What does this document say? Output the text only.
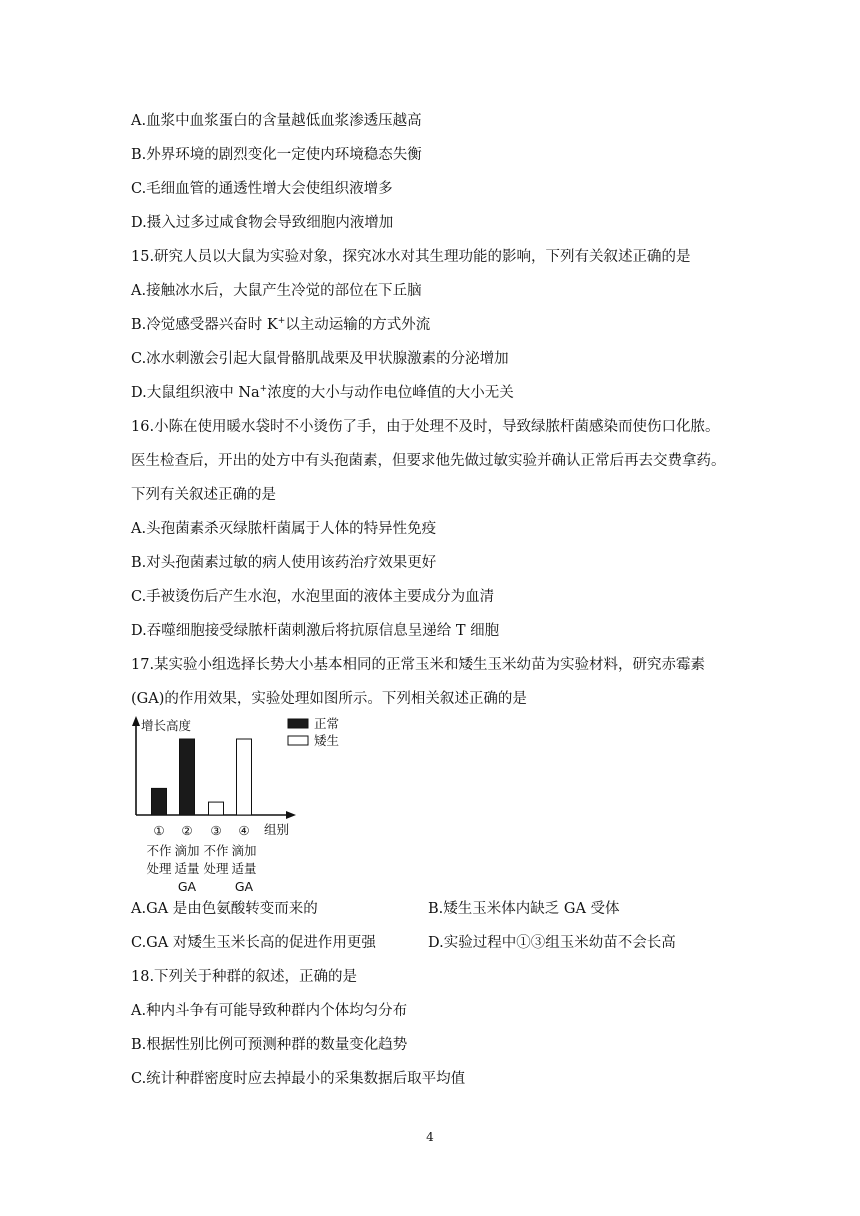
A.血浆中血浆蛋白的含量越低血浆渗透压越高
B.外界环境的剧烈变化一定使内环境稳态失衡
C.毛细血管的通透性增大会使组织液增多
D.摄入过多过咸食物会导致细胞内液增加
15.研究人员以大鼠为实验对象，探究冰水对其生理功能的影响，下列有关叙述正确的是
A.接触冰水后，大鼠产生冷觉的部位在下丘脑
B.冷觉感受器兴奋时 K+以主动运输的方式外流
C.冰水刺激会引起大鼠骨骼肌战栗及甲状腺激素的分泌增加
D.大鼠组织液中 Na+浓度的大小与动作电位峰值的大小无关
16.小陈在使用暖水袋时不小烫伤了手，由于处理不及时，导致绿脓杆菌感染而使伤口化脓。
医生检查后，开出的处方中有头孢菌素，但要求他先做过敏实验并确认正常后再去交费拿药。
下列有关叙述正确的是
A.头孢菌素杀灭绿脓杆菌属于人体的特异性免疫
B.对头孢菌素过敏的病人使用该药治疗效果更好
C.手被烫伤后产生水泡，水泡里面的液体主要成分为血清
D.吞噬细胞接受绿脓杆菌刺激后将抗原信息呈递给 T 细胞
17.某实验小组选择长势大小基本相同的正常玉米和矮生玉米幼苗为实验材料，研究赤霉素
(GA)的作用效果，实验处理如图所示。下列相关叙述正确的是
增长高度
组别
① ② ③ ④
不作
处理
滴加
适量
GA
不作
处理
滴加
适量
GA
正常
矮生
A.GA 是由色氨酸转变而来的	B.矮生玉米体内缺乏 GA 受体
C.GA 对矮生玉米长高的促进作用更强	D.实验过程中①③组玉米幼苗不会长高
18.下列关于种群的叙述，正确的是
A.种内斗争有可能导致种群内个体均匀分布
B.根据性别比例可预测种群的数量变化趋势
C.统计种群密度时应去掉最小的采集数据后取平均值
4
